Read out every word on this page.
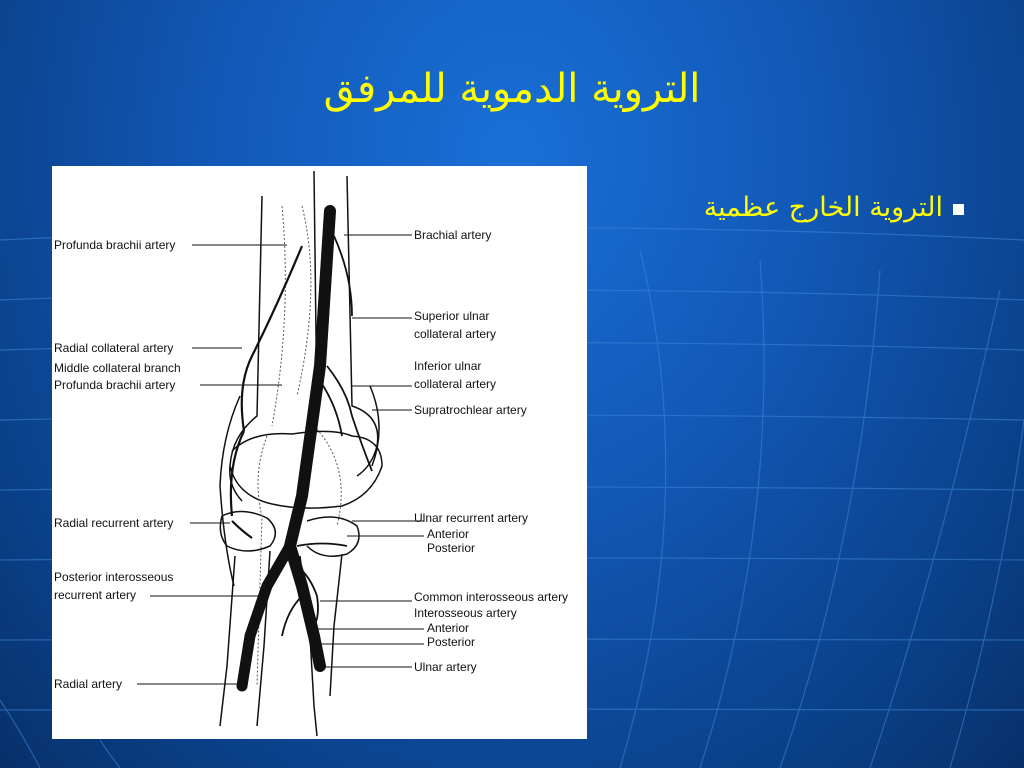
التروية الدموية للمرفق
Profunda brachii artery
Radial collateral artery
Middle collateral branch
Profunda brachii artery
Radial recurrent artery
Posterior interosseous
recurrent artery
Radial artery
Brachial artery
Superior ulnar
collateral artery
Inferior ulnar
collateral artery
Supratrochlear artery
Ulnar recurrent artery
Anterior
Posterior
Common interosseous artery
Interosseous artery
Anterior
Posterior
Ulnar artery
التروية الخارج عظمية
